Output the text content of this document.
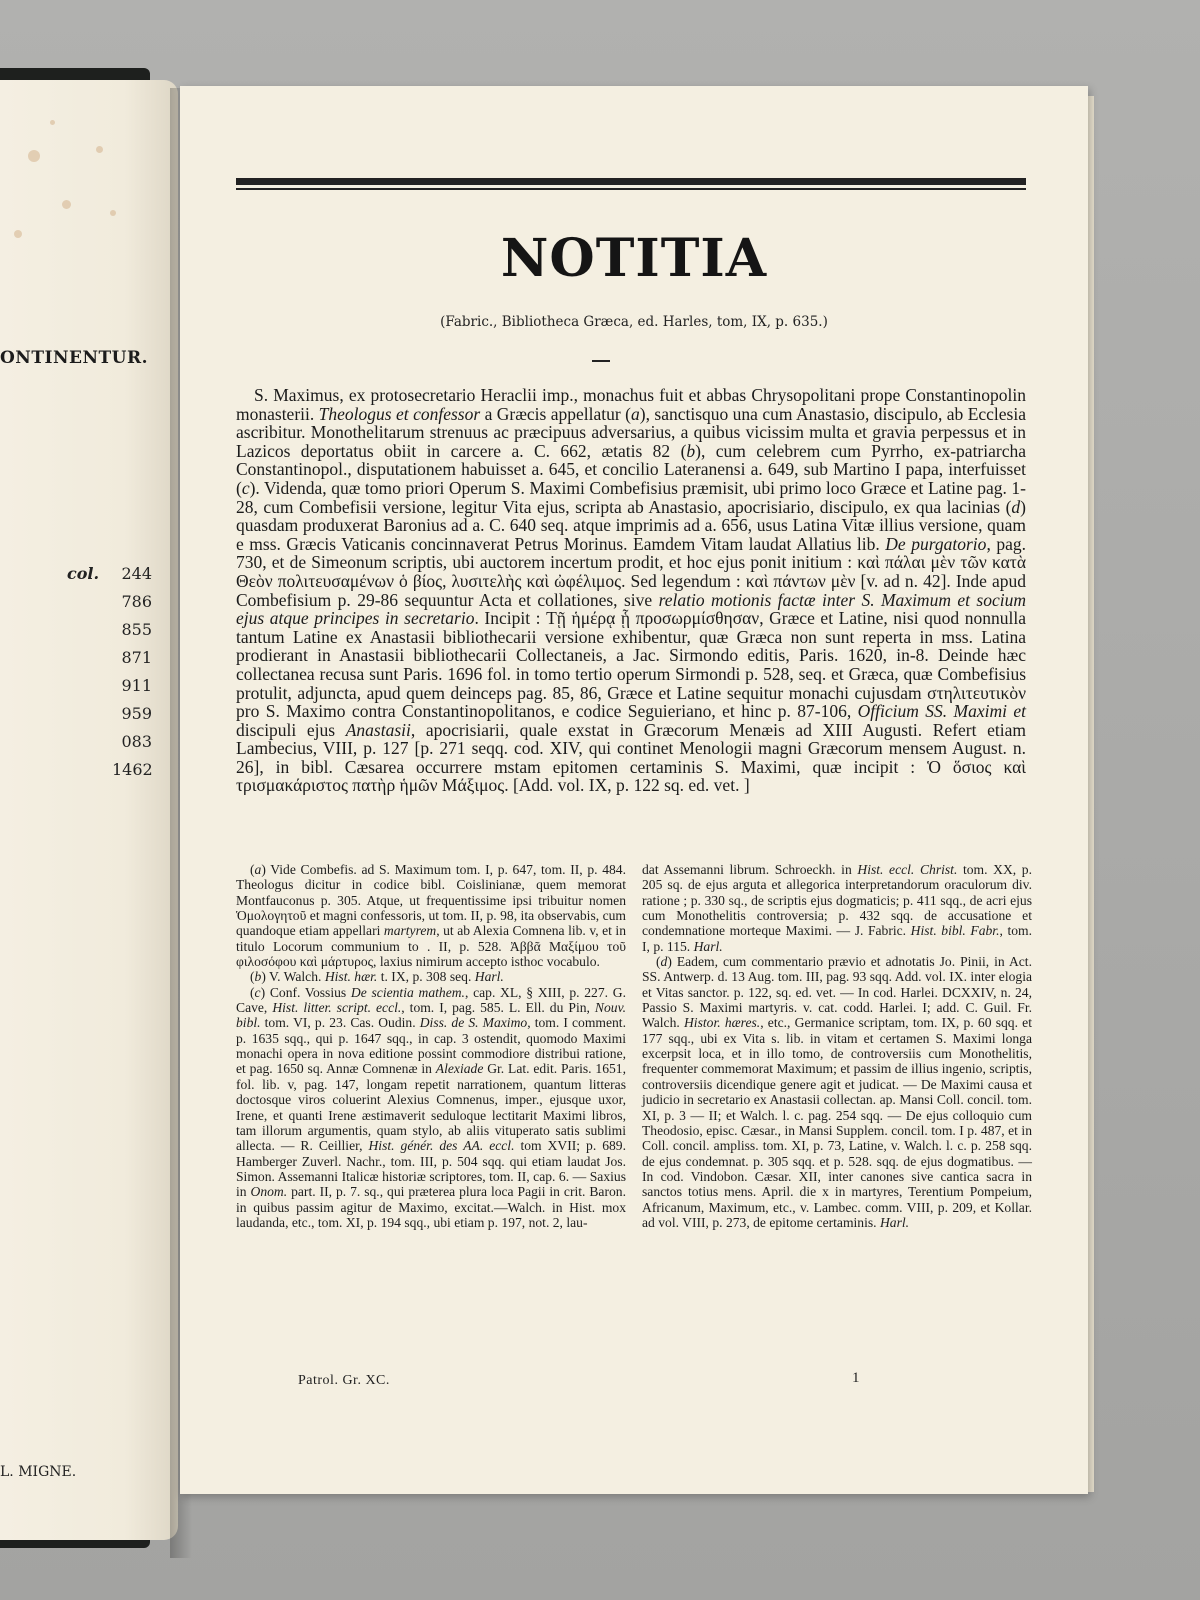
ONTINENTUR.
col.	244
786
855
871
911
959
083
1462
L. MIGNE.
NOTITIA
(Fabric., Bibliotheca Græca, ed. Harles, tom, IX, p. 635.)

S. Maximus, ex protosecretario Heraclii imp., monachus fuit et abbas Chrysopolitani prope Constantinopolin monasterii. Theologus et confessor a Græcis appellatur (a), sanctisquo una cum Anastasio, discipulo, ab Ecclesia ascribitur. Monothelitarum strenuus ac præcipuus adversarius, a quibus vicissim multa et gravia perpessus et in Lazicos deportatus obiit in carcere a. C. 662, ætatis 82 (b), cum celebrem cum Pyrrho, ex-patriarcha Constantinopol., disputationem habuisset a. 645, et concilio Lateranensi a. 649, sub Martino I papa, interfuisset (c). Videnda, quæ tomo priori Operum S. Maximi Combefisius præmisit, ubi primo loco Græce et Latine pag. 1-28, cum Combefisii versione, legitur Vita ejus, scripta ab Anastasio, apocrisiario, discipulo, ex qua lacinias (d) quasdam produxerat Baronius ad a. C. 640 seq. atque imprimis ad a. 656, usus Latina Vitæ illius versione, quam e mss. Græcis Vaticanis concinnaverat Petrus Morinus. Eamdem Vitam laudat Allatius lib. De purgatorio, pag. 730, et de Simeonum scriptis, ubi auctorem incertum prodit, et hoc ejus ponit initium : καὶ πάλαι μὲν τῶν κατὰ Θεὸν πολιτευσαμένων ὁ βίος, λυσιτελὴς καὶ ὠφέλιμος. Sed legendum : καὶ πάντων μὲν [v. ad n. 42]. Inde apud Combefisium p. 29-86 sequuntur Acta et collationes, sive relatio motionis factæ inter S. Maximum et socium ejus atque principes in secretario. Incipit : Τῇ ἡμέρᾳ ᾗ προσωρμίσθησαν, Græce et Latine, nisi quod nonnulla tantum Latine ex Anastasii bibliothecarii versione exhibentur, quæ Græca non sunt reperta in mss. Latina prodierant in Anastasii bibliothecarii Collectaneis, a Jac. Sirmondo editis, Paris. 1620, in-8. Deinde hæc collectanea recusa sunt Paris. 1696 fol. in tomo tertio operum Sirmondi p. 528, seq. et Græca, quæ Combefisius protulit, adjuncta, apud quem deinceps pag. 85, 86, Græce et Latine sequitur monachi cujusdam στηλιτευτικὸν pro S. Maximo contra Constantinopolitanos, e codice Seguieriano, et hinc p. 87-106, Officium SS. Maximi et discipuli ejus Anastasii, apocrisiarii, quale exstat in Græcorum Menæis ad XIII Augusti. Refert etiam Lambecius, VIII, p. 127 [p. 271 seqq. cod. XIV, qui continet Menologii magni Græcorum mensem August. n. 26], in bibl. Cæsarea occurrere mstam epitomen certaminis S. Maximi, quæ incipit : Ὁ ὅσιος καὶ τρισμακάριστος πατὴρ ἡμῶν Μάξιμος. [Add. vol. IX, p. 122 sq. ed. vet. ]

(a) Vide Combefis. ad S. Maximum tom. I, p. 647, tom. II, p. 484. Theologus dicitur in codice bibl. Coislinianæ, quem memorat Montfauconus p. 305. Atque, ut frequentissime ipsi tribuitur nomen Ὁμολογητοῦ et magni confessoris, ut tom. II, p. 98, ita observabis, cum quandoque etiam appellari martyrem, ut ab Alexia Comnena lib. v, et in titulo Locorum communium to . II, p. 528. Ἀββᾶ Μαξίμου τοῦ φιλοσόφου καὶ μάρτυρος, laxius nimirum accepto isthoc vocabulo.

(b) V. Walch. Hist. hær. t. IX, p. 308 seq. Harl.

(c) Conf. Vossius De scientia mathem., cap. XL, § XIII, p. 227. G. Cave, Hist. litter. script. eccl., tom. I, pag. 585. L. Ell. du Pin, Nouv. bibl. tom. VI, p. 23. Cas. Oudin. Diss. de S. Maximo, tom. I comment. p. 1635 sqq., qui p. 1647 sqq., in cap. 3 ostendit, quomodo Maximi monachi opera in nova editione possint commodiore distribui ratione, et pag. 1650 sq. Annæ Comnenæ in Alexiade Gr. Lat. edit. Paris. 1651, fol. lib. v, pag. 147, longam repetit narrationem, quantum litteras doctosque viros coluerint Alexius Comnenus, imper., ejusque uxor, Irene, et quanti Irene æstimaverit seduloque lectitarit Maximi libros, tam illorum argumentis, quam stylo, ab aliis vituperato satis sublimi allecta. — R. Ceillier, Hist. génér. des AA. eccl. tom XVII; p. 689. Hamberger Zuverl. Nachr., tom. III, p. 504 sqq. qui etiam laudat Jos. Simon. Assemanni Italicæ historiæ scriptores, tom. II, cap. 6. — Saxius in Onom. part. II, p. 7. sq., qui præterea plura loca Pagii in crit. Baron. in quibus passim agitur de Maximo, excitat.—Walch. in Hist. mox laudanda, etc., tom. XI, p. 194 sqq., ubi etiam p. 197, not. 2, lau-

dat Assemanni librum. Schroeckh. in Hist. eccl. Christ. tom. XX, p. 205 sq. de ejus arguta et allegorica interpretandorum oraculorum div. ratione ; p. 330 sq., de scriptis ejus dogmaticis; p. 411 sqq., de acri ejus cum Monothelitis controversia; p. 432 sqq. de accusatione et condemnatione morteque Maximi. — J. Fabric. Hist. bibl. Fabr., tom. I, p. 115. Harl.

(d) Eadem, cum commentario prævio et adnotatis Jo. Pinii, in Act. SS. Antwerp. d. 13 Aug. tom. III, pag. 93 sqq. Add. vol. IX. inter elogia et Vitas sanctor. p. 122, sq. ed. vet. — In cod. Harlei. DCXXIV, n. 24, Passio S. Maximi martyris. v. cat. codd. Harlei. I; add. C. Guil. Fr. Walch. Histor. hæres., etc., Germanice scriptam, tom. IX, p. 60 sqq. et 177 sqq., ubi ex Vita s. lib. in vitam et certamen S. Maximi longa excerpsit loca, et in illo tomo, de controversiis cum Monothelitis, frequenter commemorat Maximum; et passim de illius ingenio, scriptis, controversiis dicendique genere agit et judicat. — De Maximi causa et judicio in secretario ex Anastasii collectan. ap. Mansi Coll. concil. tom. XI, p. 3 — II; et Walch. l. c. pag. 254 sqq. — De ejus colloquio cum Theodosio, episc. Cæsar., in Mansi Supplem. concil. tom. I p. 487, et in Coll. concil. ampliss. tom. XI, p. 73, Latine, v. Walch. l. c. p. 258 sqq. de ejus condemnat. p. 305 sqq. et p. 528. sqq. de ejus dogmatibus. — In cod. Vindobon. Cæsar. XII, inter canones sive cantica sacra in sanctos totius mens. April. die x in martyres, Terentium Pompeium, Africanum, Maximum, etc., v. Lambec. comm. VIII, p. 209, et Kollar. ad vol. VIII, p. 273, de epitome certaminis. Harl.

Patrol. Gr. XC.	1
